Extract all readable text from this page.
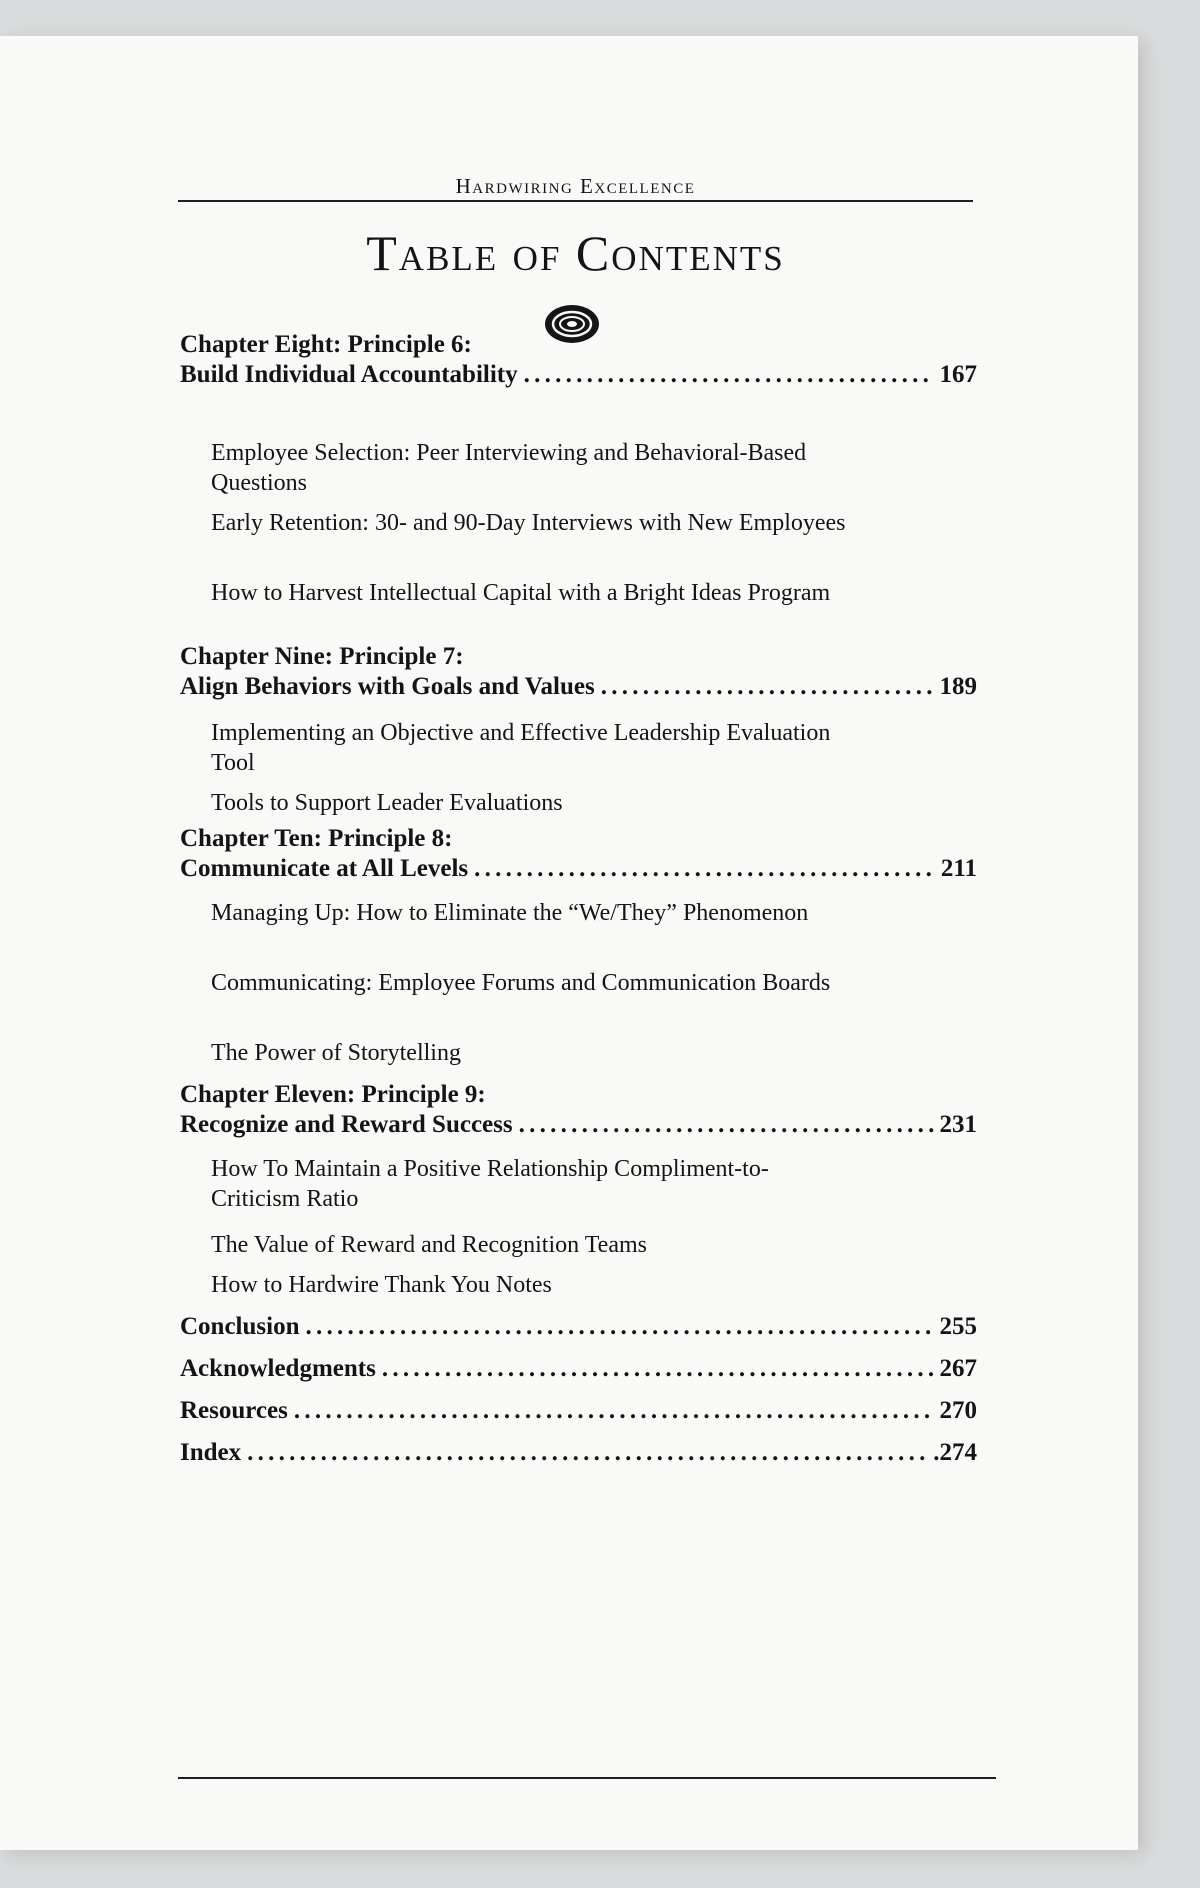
Hardwiring Excellence
Table of Contents
Chapter Eight: Principle 6:
Build Individual Accountability . . .	167
Employee Selection: Peer Interviewing and Behavioral-Based Questions
Early Retention: 30- and 90-Day Interviews with New Employees
How to Harvest Intellectual Capital with a Bright Ideas Program
Chapter Nine: Principle 7:
Align Behaviors with Goals and Values . . .	189
Implementing an Objective and Effective Leadership Evaluation Tool
Tools to Support Leader Evaluations
Chapter Ten: Principle 8:
Communicate at All Levels . . .	211
Managing Up: How to Eliminate the “We/They” Phenomenon
Communicating: Employee Forums and Communication Boards
The Power of Storytelling
Chapter Eleven: Principle 9:
Recognize and Reward Success . . .	231
How To Maintain a Positive Relationship Compliment-to-Criticism Ratio
The Value of Reward and Recognition Teams
How to Hardwire Thank You Notes
Conclusion . . .	255
Acknowledgments . . .	267
Resources . . .	270
Index . . .	.274
